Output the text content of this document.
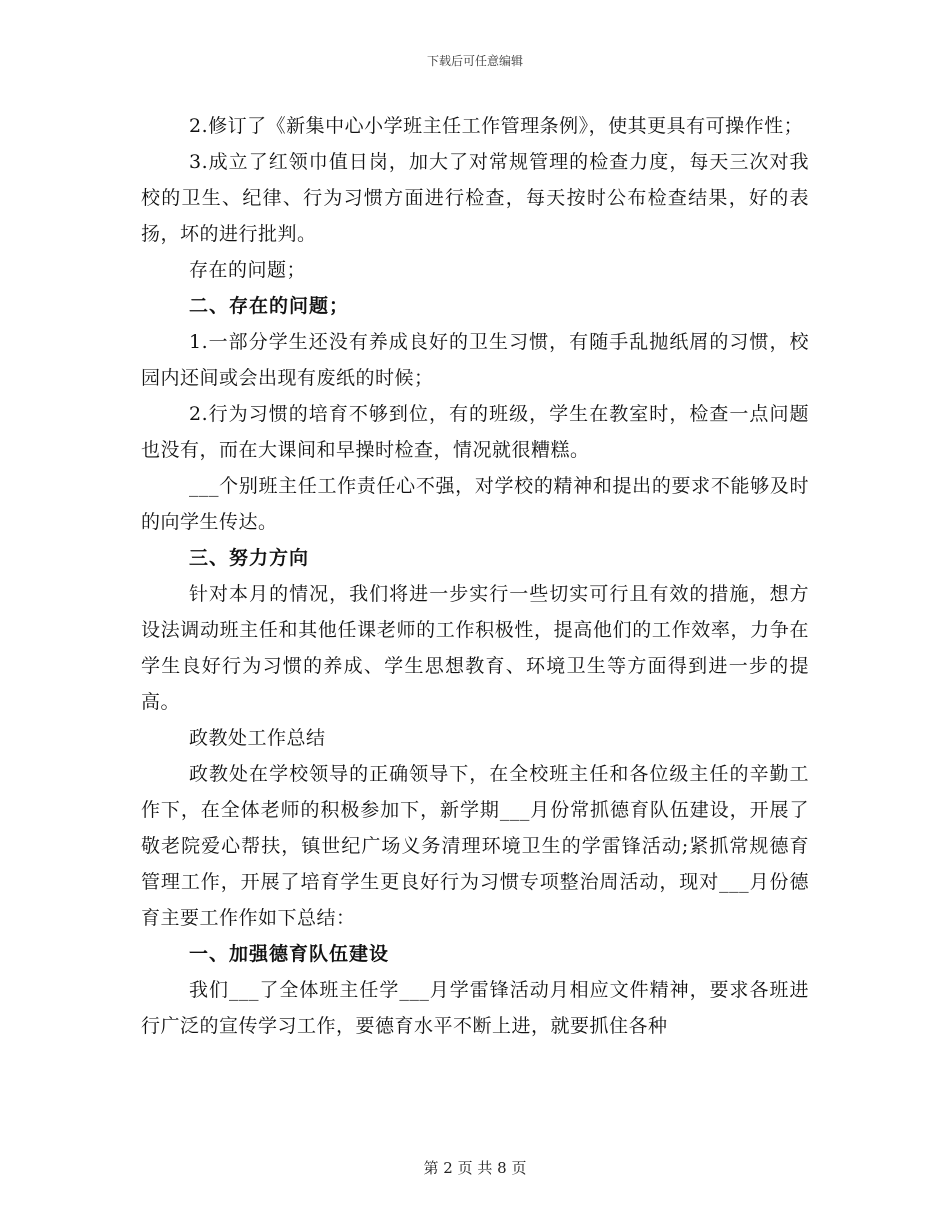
下载后可任意编辑

2.修订了《新集中心小学班主任工作管理条例》，使其更具有可操作性；

3.成立了红领巾值日岗，加大了对常规管理的检查力度，每天三次对我校的卫生、纪律、行为习惯方面进行检查，每天按时公布检查结果，好的表扬，坏的进行批判。

存在的问题；

二、存在的问题；

1.一部分学生还没有养成良好的卫生习惯，有随手乱抛纸屑的习惯，校园内还间或会出现有废纸的时候；

2.行为习惯的培育不够到位，有的班级，学生在教室时，检查一点问题也没有，而在大课间和早操时检查，情况就很糟糕。

___个别班主任工作责任心不强，对学校的精神和提出的要求不能够及时的向学生传达。

三、努力方向

针对本月的情况，我们将进一步实行一些切实可行且有效的措施，想方设法调动班主任和其他任课老师的工作积极性，提高他们的工作效率，力争在学生良好行为习惯的养成、学生思想教育、环境卫生等方面得到进一步的提高。

政教处工作总结

政教处在学校领导的正确领导下，在全校班主任和各位级主任的辛勤工作下，在全体老师的积极参加下，新学期___月份常抓德育队伍建设，开展了敬老院爱心帮扶，镇世纪广场义务清理环境卫生的学雷锋活动;紧抓常规德育管理工作，开展了培育学生更良好行为习惯专项整治周活动，现对___月份德育主要工作作如下总结：

一、加强德育队伍建设

我们___了全体班主任学___月学雷锋活动月相应文件精神，要求各班进行广泛的宣传学习工作，要德育水平不断上进，就要抓住各种

第 2 页 共 8 页
